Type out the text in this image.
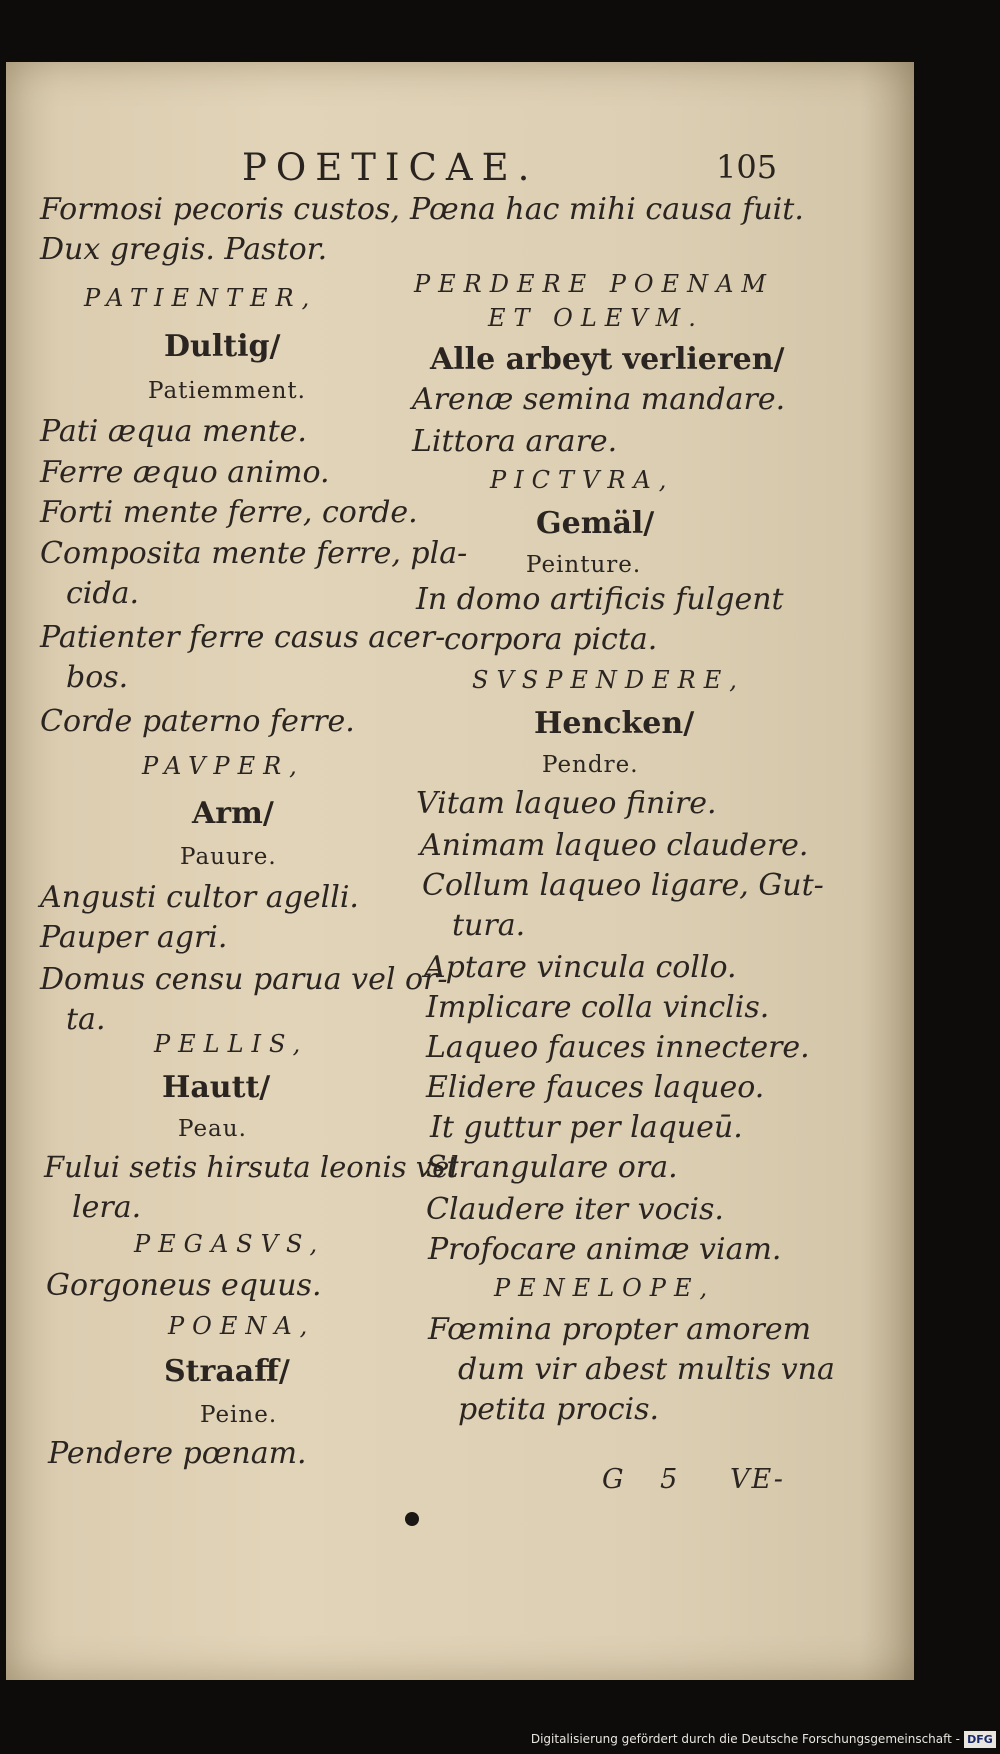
POETICAE.	105
Formosi pecoris custos,
Dux gregis. Pastor.
PATIENTER,
Dultig/
Patiemment.
Pati æqua mente.
Ferre æquo animo.
Forti mente ferre, corde.
Composita mente ferre, pla-
cida.
Patienter ferre casus acer-
bos.
Corde paterno ferre.
PAVPER,
Arm/
Pauure.
Angusti cultor agelli.
Pauper agri.
Domus censu parua vel or-
ta.
PELLIS,
Hautt/
Peau.
Fului setis hirsuta leonis vel
lera.
PEGASVS,
Gorgoneus equus.
POENA,
Straaff/
Peine.
Pendere pœnam.
Pœna hac mihi causa fuit.
PERDERE POENAM
ET OLEVM.
Alle arbeyt verlieren/
Arenæ semina mandare.
Littora arare.
PICTVRA,
Gemäl/
Peinture.
In domo artificis fulgent
corpora picta.
SVSPENDERE,
Hencken/
Pendre.
Vitam laqueo finire.
Animam laqueo claudere.
Collum laqueo ligare, Gut-
tura.
Aptare vincula collo.
Implicare colla vinclis.
Laqueo fauces innectere.
Elidere fauces laqueo.
It guttur per laqueū.
Strangulare ora.
Claudere iter vocis.
Profocare animæ viam.
PENELOPE,
Fœmina propter amorem
dum vir abest multis vna
petita procis.
G 5 VE-
Digitalisierung gefördert durch die Deutsche Forschungsgemeinschaft - DFG
